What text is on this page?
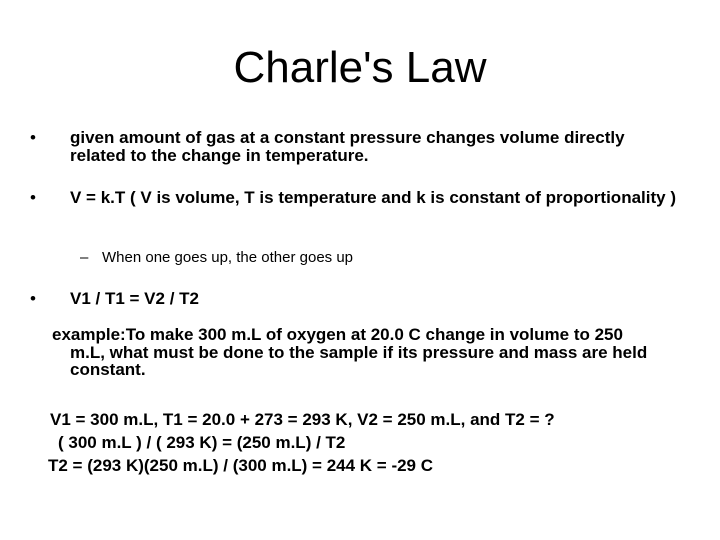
Charle's Law
• given amount of gas at a constant pressure changes volume directly related to the change in temperature.
• V = k.T ( V is volume, T is temperature and k is constant of proportionality )
– When one goes up, the other goes up
• V1 / T1 = V2 / T2
example:To make 300 m.L of oxygen at 20.0 C change in volume to 250
m.L, what must be done to the sample if its pressure and mass are held constant.
V1 = 300 m.L, T1 = 20.0 + 273 = 293 K, V2 = 250 m.L, and T2 = ?
( 300 m.L ) / ( 293 K) = (250 m.L) / T2
T2 = (293 K)(250 m.L) / (300 m.L) = 244 K = -29 C
